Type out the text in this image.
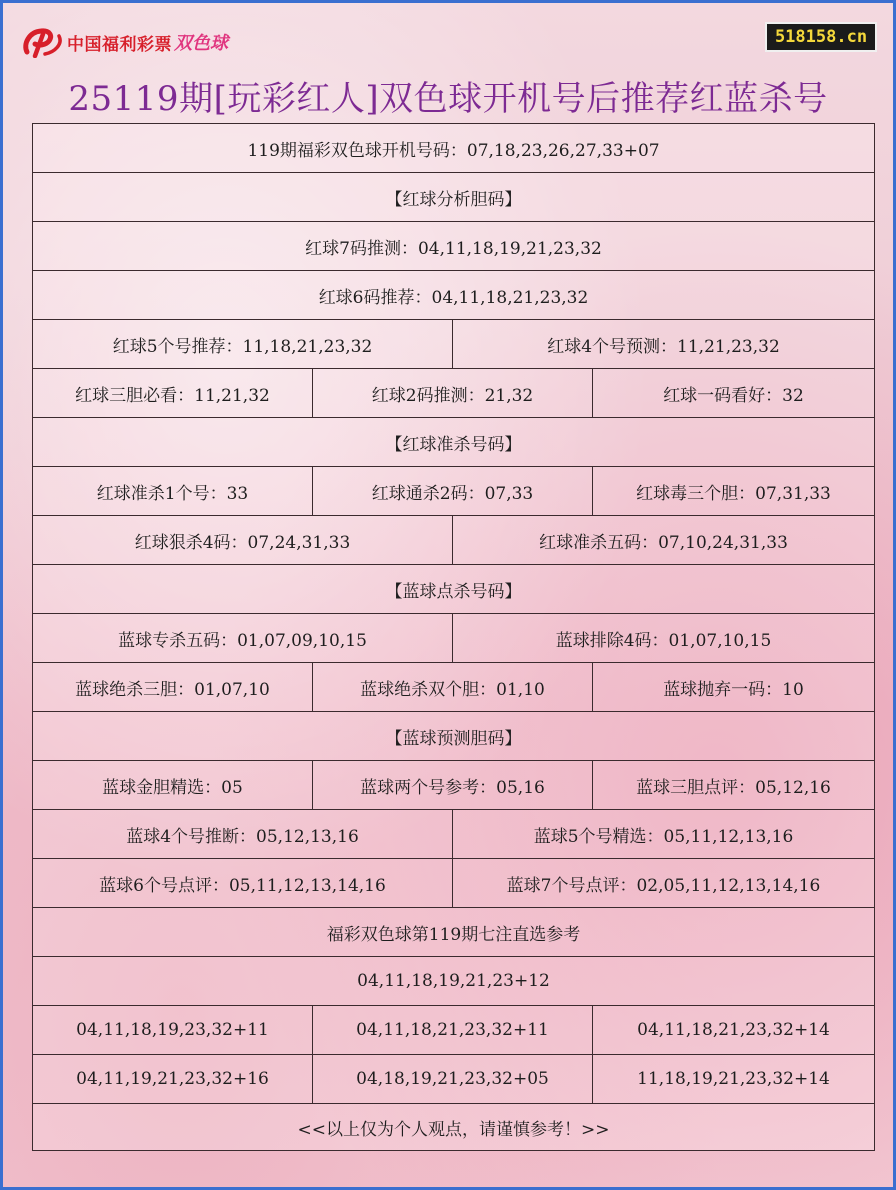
中国福利彩票 双色球	518158.cn
25119期[玩彩红人]双色球开机号后推荐红蓝杀号
119期福彩双色球开机号码：07,18,23,26,27,33+07			
【红球分析胆码】			
红球7码推测：04,11,18,19,21,23,32			
红球6码推荐：04,11,18,21,23,32			
红球5个号推荐：11,18,21,23,32		红球4个号预测：11,21,23,32	
红球三胆必看：11,21,32	红球2码推测：21,32		红球一码看好：32
【红球准杀号码】			
红球准杀1个号：33	红球通杀2码：07,33		红球毒三个胆：07,31,33
红球狠杀4码：07,24,31,33		红球准杀五码：07,10,24,31,33	
【蓝球点杀号码】			
蓝球专杀五码：01,07,09,10,15		蓝球排除4码：01,07,10,15	
蓝球绝杀三胆：01,07,10	蓝球绝杀双个胆：01,10		蓝球抛弃一码：10
【蓝球预测胆码】			
蓝球金胆精选：05	蓝球两个号参考：05,16		蓝球三胆点评：05,12,16
蓝球4个号推断：05,12,13,16		蓝球5个号精选：05,11,12,13,16	
蓝球6个号点评：05,11,12,13,14,16		蓝球7个号点评：02,05,11,12,13,14,16	
福彩双色球第119期七注直选参考			
04,11,18,19,21,23+12			
04,11,18,19,23,32+11	04,11,18,21,23,32+11		04,11,18,21,23,32+14
04,11,19,21,23,32+16	04,18,19,21,23,32+05		11,18,19,21,23,32+14
<<以上仅为个人观点，请谨慎参考！>>			
